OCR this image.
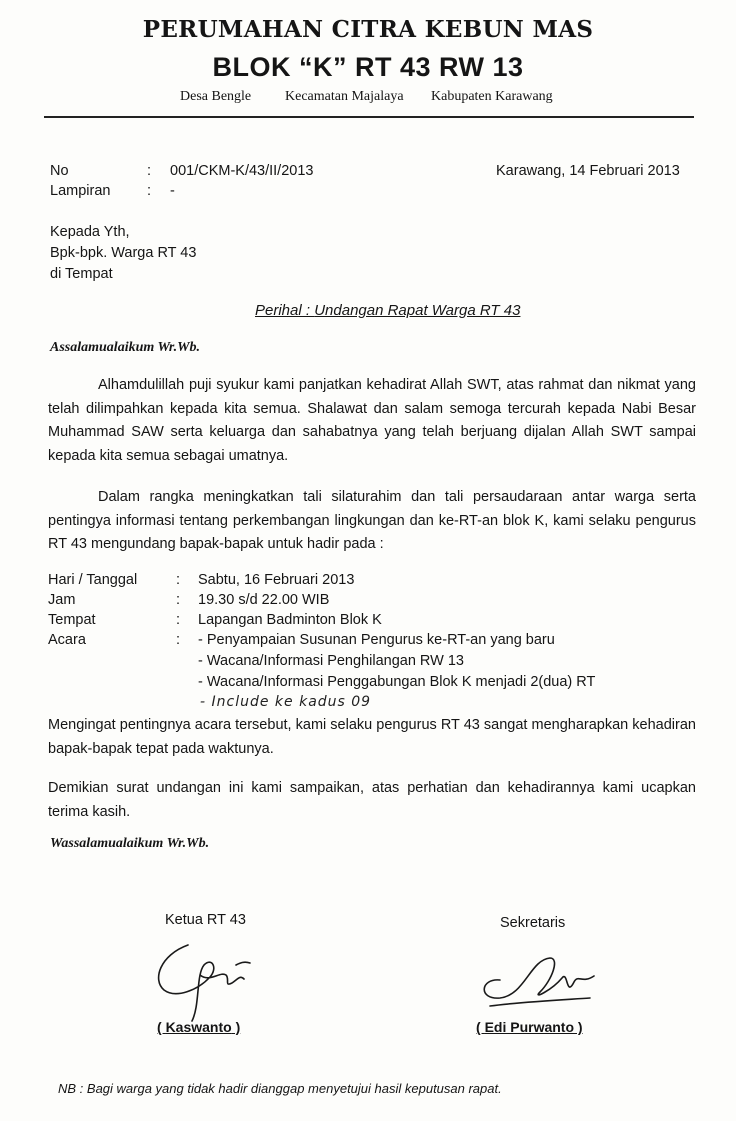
PERUMAHAN CITRA KEBUN MAS
BLOK “K” RT 43 RW 13
Desa Bengle Kecamatan Majalaya Kabupaten Karawang
No	: 001/CKM-K/43/II/2013
Lampiran	: -
Karawang, 14 Februari 2013
Kepada Yth,
Bpk-bpk. Warga RT 43
di Tempat
Perihal : Undangan Rapat Warga RT 43
Assalamualaikum Wr.Wb.

Alhamdulillah puji syukur kami panjatkan kehadirat Allah SWT, atas rahmat dan nikmat yang telah dilimpahkan kepada kita semua. Shalawat dan salam semoga tercurah kepada Nabi Besar Muhammad SAW serta keluarga dan sahabatnya yang telah berjuang dijalan Allah SWT sampai kepada kita semua sebagai umatnya.

Dalam rangka meningkatkan tali silaturahim dan tali persaudaraan antar warga serta pentingya informasi tentang perkembangan lingkungan dan ke-RT-an blok K, kami selaku pengurus RT 43 mengundang bapak-bapak untuk hadir pada :

Hari / Tanggal	: Sabtu, 16 Februari 2013
Jam	: 19.30 s/d 22.00 WIB
Tempat	: Lapangan Badminton Blok K
Acara	: - Penyampaian Susunan Pengurus ke-RT-an yang baru
- Wacana/Informasi Penghilangan RW 13
- Wacana/Informasi Penggabungan Blok K menjadi 2(dua) RT
- Include ke kadus 09

Mengingat pentingnya acara tersebut, kami selaku pengurus RT 43 sangat mengharapkan kehadiran bapak-bapak tepat pada waktunya.

Demikian surat undangan ini kami sampaikan, atas perhatian dan kehadirannya kami ucapkan terima kasih.

Wassalamualaikum Wr.Wb.
Ketua RT 43	Sekretaris
( Kaswanto )	( Edi Purwanto )
NB : Bagi warga yang tidak hadir dianggap menyetujui hasil keputusan rapat.
